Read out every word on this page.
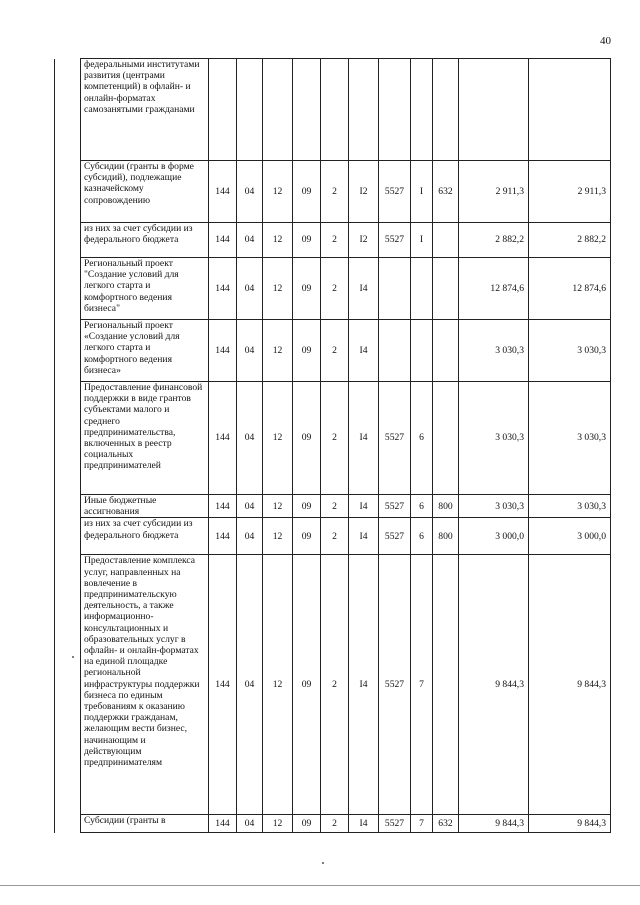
40
	федеральными институтами развития (центрами компетенций) в офлайн- и онлайн-форматах самозанятыми гражданами											
	Субсидии (гранты в форме субсидий), подлежащие казначейскому сопровождению	144	04	12	09	2	I2	5527	I	632	2 911,3	2 911,3
	из них за счет субсидии из федерального бюджета	144	04	12	09	2	I2	5527	I		2 882,2	2 882,2
	Региональный проект "Создание условий для легкого старта и комфортного ведения бизнеса"	144	04	12	09	2	I4				12 874,6	12 874,6
	Региональный проект «Создание условий для легкого старта и комфортного ведения бизнеса»	144	04	12	09	2	I4				3 030,3	3 030,3
	Предоставление финансовой поддержки в виде грантов субъектами малого и среднего предпринимательства, включенных в реестр социальных предпринимателей	144	04	12	09	2	I4	5527	6		3 030,3	3 030,3
	Иные бюджетные ассигнования	144	04	12	09	2	I4	5527	6	800	3 030,3	3 030,3
	из них за счет субсидии из федерального бюджета	144	04	12	09	2	I4	5527	6	800	3 000,0	3 000,0
	Предоставление комплекса услуг, направленных на вовлечение в предпринимательскую деятельность, а также информационно-консультационных и образовательных услуг в офлайн- и онлайн-форматах на единой площадке региональной инфраструктуры поддержки бизнеса по единым требованиям к оказанию поддержки гражданам, желающим вести бизнес, начинающим и действующим предпринимателям	144	04	12	09	2	I4	5527	7		9 844,3	9 844,3
	Субсидии (гранты в	144	04	12	09	2	I4	5527	7	632	9 844,3	9 844,3
